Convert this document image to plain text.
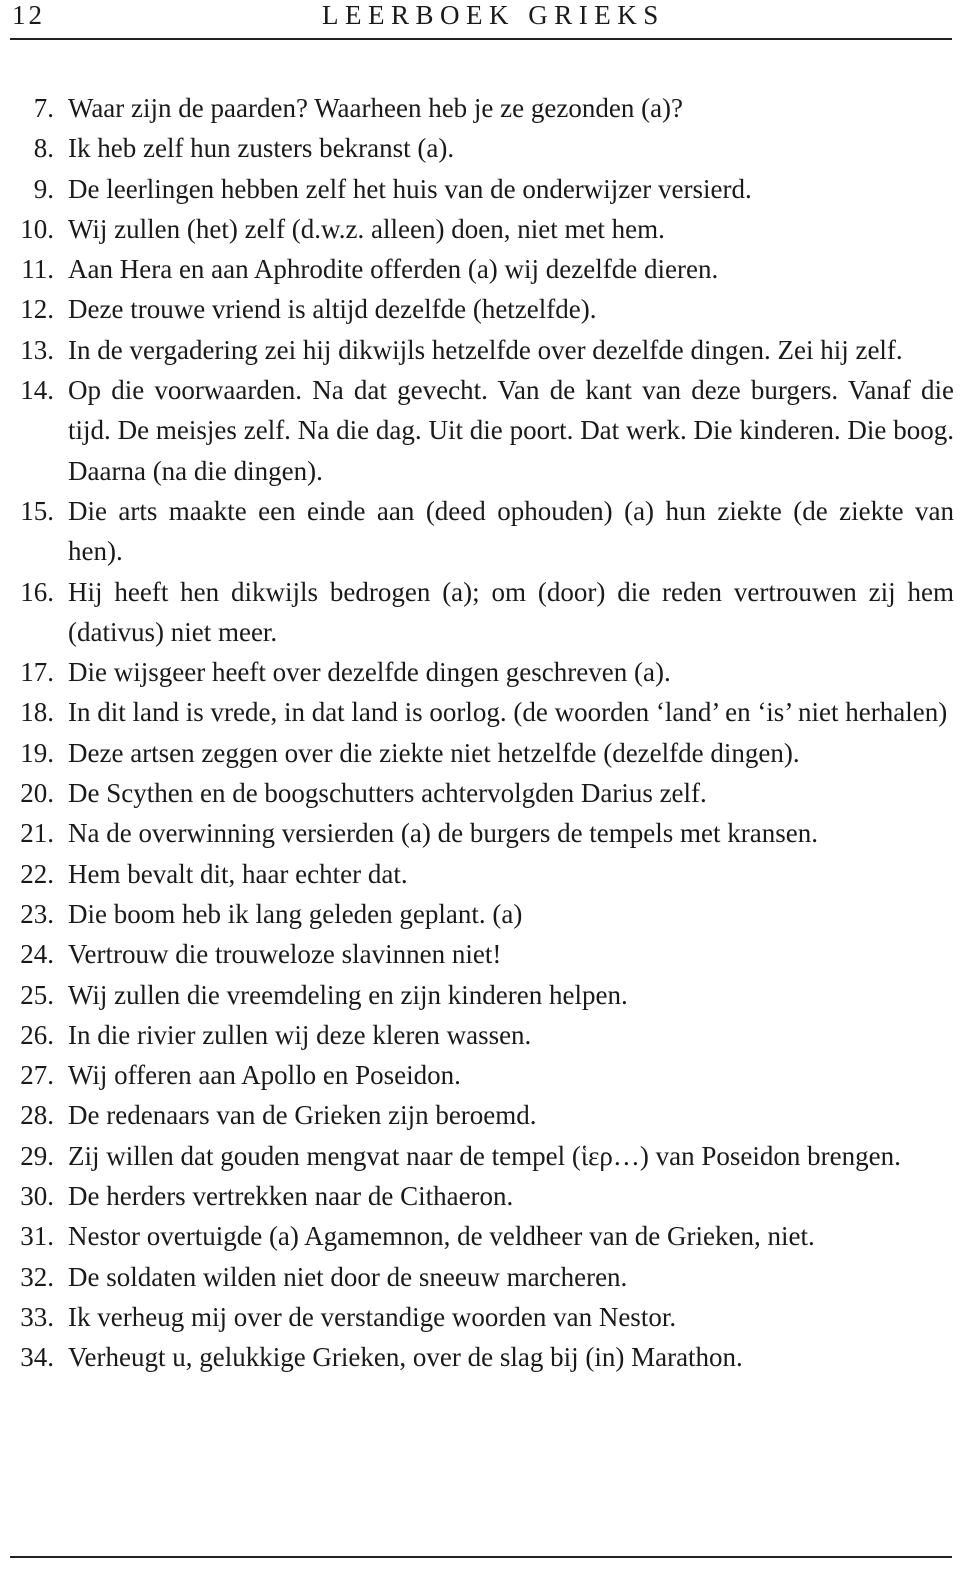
12	LEERBOEK GRIEKS
7. Waar zijn de paarden? Waarheen heb je ze gezonden (a)?
8. Ik heb zelf hun zusters bekranst (a).
9. De leerlingen hebben zelf het huis van de onderwijzer versierd.
10. Wij zullen (het) zelf (d.w.z. alleen) doen, niet met hem.
11. Aan Hera en aan Aphrodite offerden (a) wij dezelfde dieren.
12. Deze trouwe vriend is altijd dezelfde (hetzelfde).
13. In de vergadering zei hij dikwijls hetzelfde over dezelfde dingen. Zei hij zelf.
14. Op die voorwaarden. Na dat gevecht. Van de kant van deze burgers. Vanaf die tijd. De meisjes zelf. Na die dag. Uit die poort. Dat werk. Die kinderen. Die boog. Daarna (na die dingen).
15. Die arts maakte een einde aan (deed ophouden) (a) hun ziekte (de ziekte van hen).
16. Hij heeft hen dikwijls bedrogen (a); om (door) die reden vertrouwen zij hem (dativus) niet meer.
17. Die wijsgeer heeft over dezelfde dingen geschreven (a).
18. In dit land is vrede, in dat land is oorlog. (de woorden ‘land’ en ‘is’ niet herhalen)
19. Deze artsen zeggen over die ziekte niet hetzelfde (dezelfde dingen).
20. De Scythen en de boogschutters achtervolgden Darius zelf.
21. Na de overwinning versierden (a) de burgers de tempels met kransen.
22. Hem bevalt dit, haar echter dat.
23. Die boom heb ik lang geleden geplant. (a)
24. Vertrouw die trouweloze slavinnen niet!
25. Wij zullen die vreemdeling en zijn kinderen helpen.
26. In die rivier zullen wij deze kleren wassen.
27. Wij offeren aan Apollo en Poseidon.
28. De redenaars van de Grieken zijn beroemd.
29. Zij willen dat gouden mengvat naar de tempel (ἱερ…) van Poseidon brengen.
30. De herders vertrekken naar de Cithaeron.
31. Nestor overtuigde (a) Agamemnon, de veldheer van de Grieken, niet.
32. De soldaten wilden niet door de sneeuw marcheren.
33. Ik verheug mij over de verstandige woorden van Nestor.
34. Verheugt u, gelukkige Grieken, over de slag bij (in) Marathon.
